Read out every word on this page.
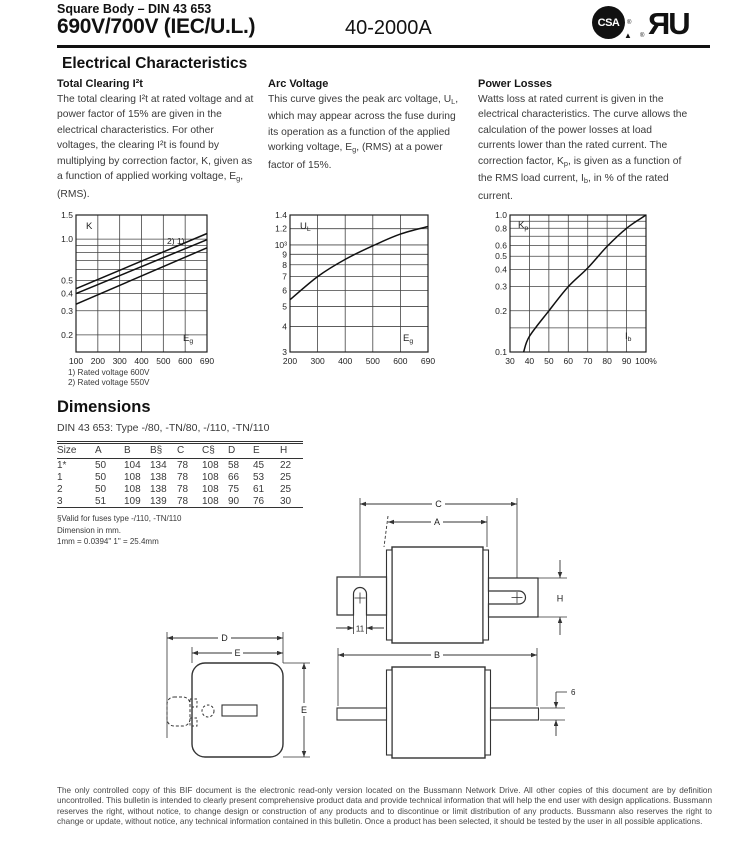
Square Body – DIN 43 653
690V/700V (IEC/U.L.)	40-2000A	CSA	®
▲ ® ЯU
Electrical Characteristics
Total Clearing I²t
The total clearing I²t at rated voltage and at power factor of 15% are given in the electrical characteristics. For other voltages, the clearing I²t is found by multiplying by correction factor, K, given as a function of applied working voltage, $E_g$, (RMS).
Arc Voltage
This curve gives the peak arc voltage, $U_L$, which may appear across the fuse during its operation as a function of the applied working voltage, $E_g$, (RMS) at a power factor of 15%.
Power Losses
Watts loss at rated current is given in the electrical characteristics. The curve allows the calculation of the power losses at load currents lower than the rated current. The correction factor, $K_p$, is given as a function of the RMS load current, $I_b$, in % of the rated current.
100 200 300 400 500 600 690
1.5
1.0
0.5
0.4
0.3
0.2
K
$E_g$
2) 1)
1) Rated voltage 600V
2) Rated voltage 550V
200 300 400 500 600 690
1.4
1.2
10³
9
8
7
6
5
4
3
$U_L$
$E_g$
30 40 50 60 70 80 90 100%
1.0
0.8
0.6
0.5
0.4
0.3
0.2
0.1
$K_p$
$I_b$
Dimensions
DIN 43 653: Type -/80, -TN/80, -/110, -TN/110
Size	A	B	B§	C	C§	D	E	H
1*	50	104	134	78	108	58	45	22
1	50	108	138	78	108	66	53	25
2	50	108	138	78	108	75	61	25
3	51	109	139	78	108	90	76	30
§Valid for fuses type -/110, -TN/110
Dimension in mm.
1mm = 0.0394" 1" = 25.4mm
C
A
H
11
D
E
E
B
6
The only controlled copy of this BIF document is the electronic read-only version located on the Bussmann Network Drive. All other copies of this document are by definition uncontrolled. This bulletin is intended to clearly present comprehensive product data and provide technical information that will help the end user with design applications. Bussmann reserves the right, without notice, to change design or construction of any products and to discontinue or limit distribution of any products. Bussmann also reserves the right to change or update, without notice, any technical information contained in this bulletin. Once a product has been selected, it should be tested by the user in all possible applications.
